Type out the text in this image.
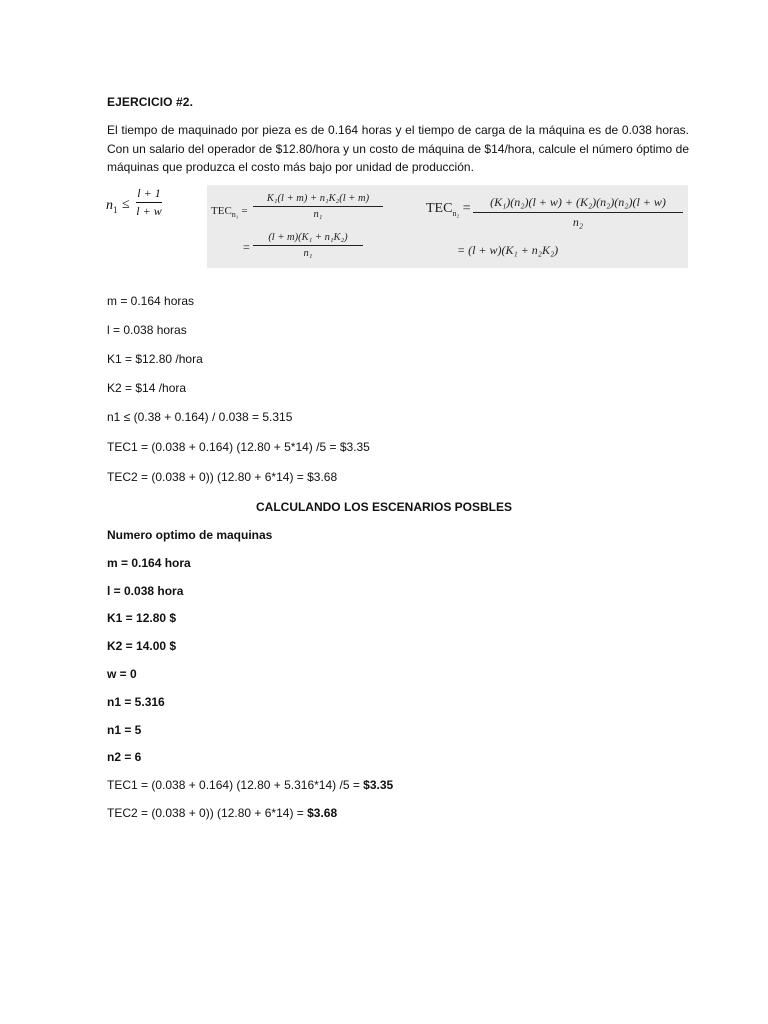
EJERCICIO #2.
El tiempo de maquinado por pieza es de 0.164 horas y el tiempo de carga de la máquina es de 0.038 horas. Con un salario del operador de $12.80/hora y un costo de máquina de $14/hora, calcule el número óptimo de máquinas que produzca el costo más bajo por unidad de producción.
$n_1$ ≤
l + 1
l + w	$TEC_{n_1}$ =
K₁(l + m) + n₁K₂(l + m)
n₁
=
(l + m)(K₁ + n₁K₂)
n₁
$TEC_{n_2}$ =	(K₁)(n₂)(l + w) + (K₂)(n₂)(n₂)(l + w)
n₂
= (l + w)(K₁ + n₂K₂)
m = 0.164 horas
l = 0.038 horas
K1 = $12.80 /hora
K2 = $14 /hora
n1 ≤ (0.38 + 0.164) / 0.038 = 5.315
TEC1 = (0.038 + 0.164) (12.80 + 5*14) /5 = $3.35
TEC2 = (0.038 + 0)) (12.80 + 6*14) = $3.68
CALCULANDO LOS ESCENARIOS POSBLES
Numero optimo de maquinas
m = 0.164 hora
l = 0.038 hora
K1 = 12.80 $
K2 = 14.00 $
w = 0
n1 = 5.316
n1 = 5
n2 = 6
TEC1 = (0.038 + 0.164) (12.80 + 5.316*14) /5 = $3.35
TEC2 = (0.038 + 0)) (12.80 + 6*14) = $3.68
